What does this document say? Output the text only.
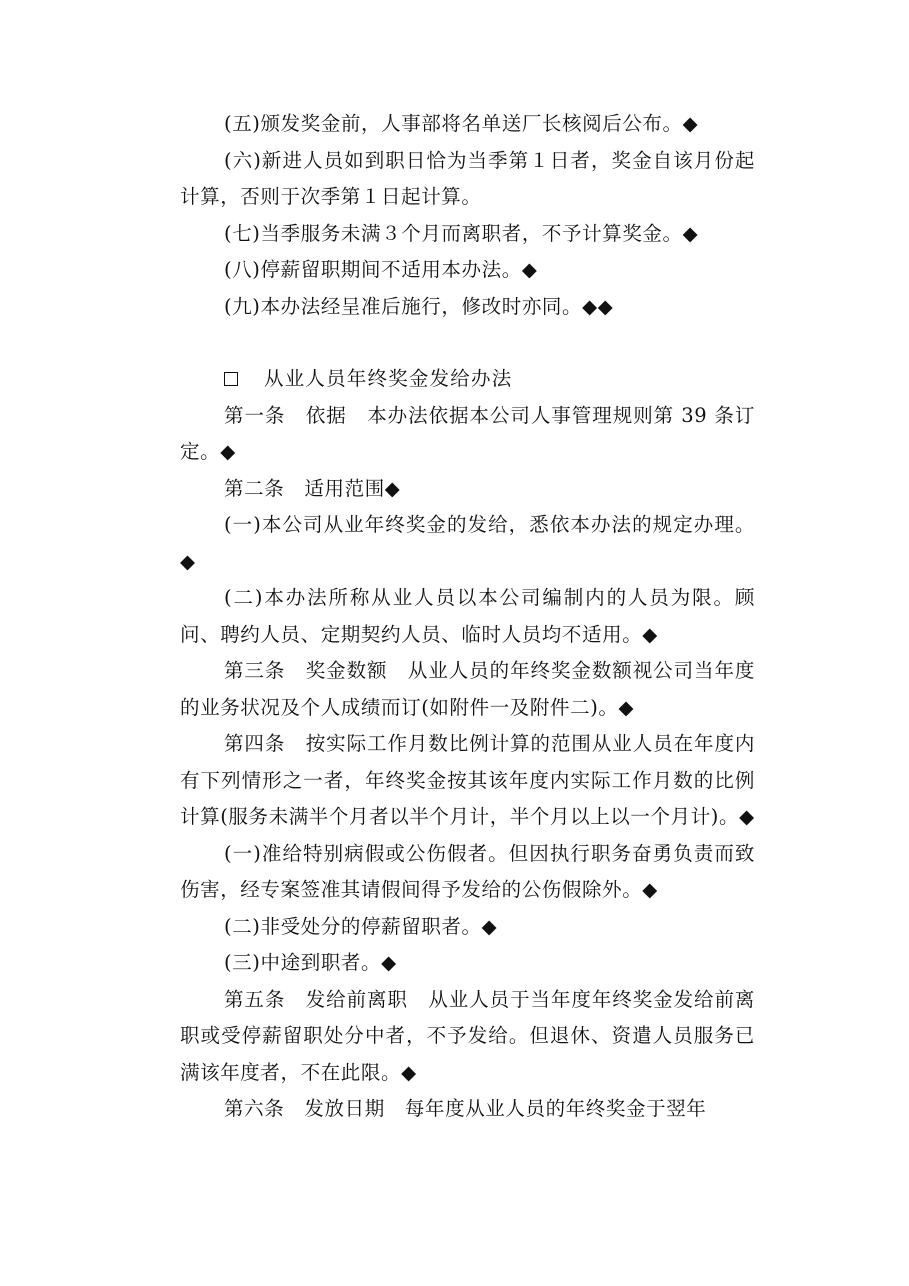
(五)颁发奖金前，人事部将名单送厂长核阅后公布。◆

(六)新进人员如到职日恰为当季第１日者，奖金自该月份起计算，否则于次季第１日起计算。

(七)当季服务未满３个月而离职者，不予计算奖金。◆

(八)停薪留职期间不适用本办法。◆

(九)本办法经呈准后施行，修改时亦同。◆◆

从业人员年终奖金发给办法

第一条　依据　本办法依据本公司人事管理规则第 39 条订定。◆

第二条　适用范围◆

(一)本公司从业年终奖金的发给，悉依本办法的规定办理。◆

(二)本办法所称从业人员以本公司编制内的人员为限。顾问、聘约人员、定期契约人员、临时人员均不适用。◆

第三条　奖金数额　从业人员的年终奖金数额视公司当年度的业务状况及个人成绩而订(如附件一及附件二)。◆

第四条　按实际工作月数比例计算的范围从业人员在年度内有下列情形之一者，年终奖金按其该年度内实际工作月数的比例计算(服务未满半个月者以半个月计，半个月以上以一个月计)。◆

(一)准给特别病假或公伤假者。但因执行职务奋勇负责而致伤害，经专案签准其请假间得予发给的公伤假除外。◆

(二)非受处分的停薪留职者。◆

(三)中途到职者。◆

第五条　发给前离职　从业人员于当年度年终奖金发给前离职或受停薪留职处分中者，不予发给。但退休、资遣人员服务已满该年度者，不在此限。◆

第六条　发放日期　每年度从业人员的年终奖金于翌年
